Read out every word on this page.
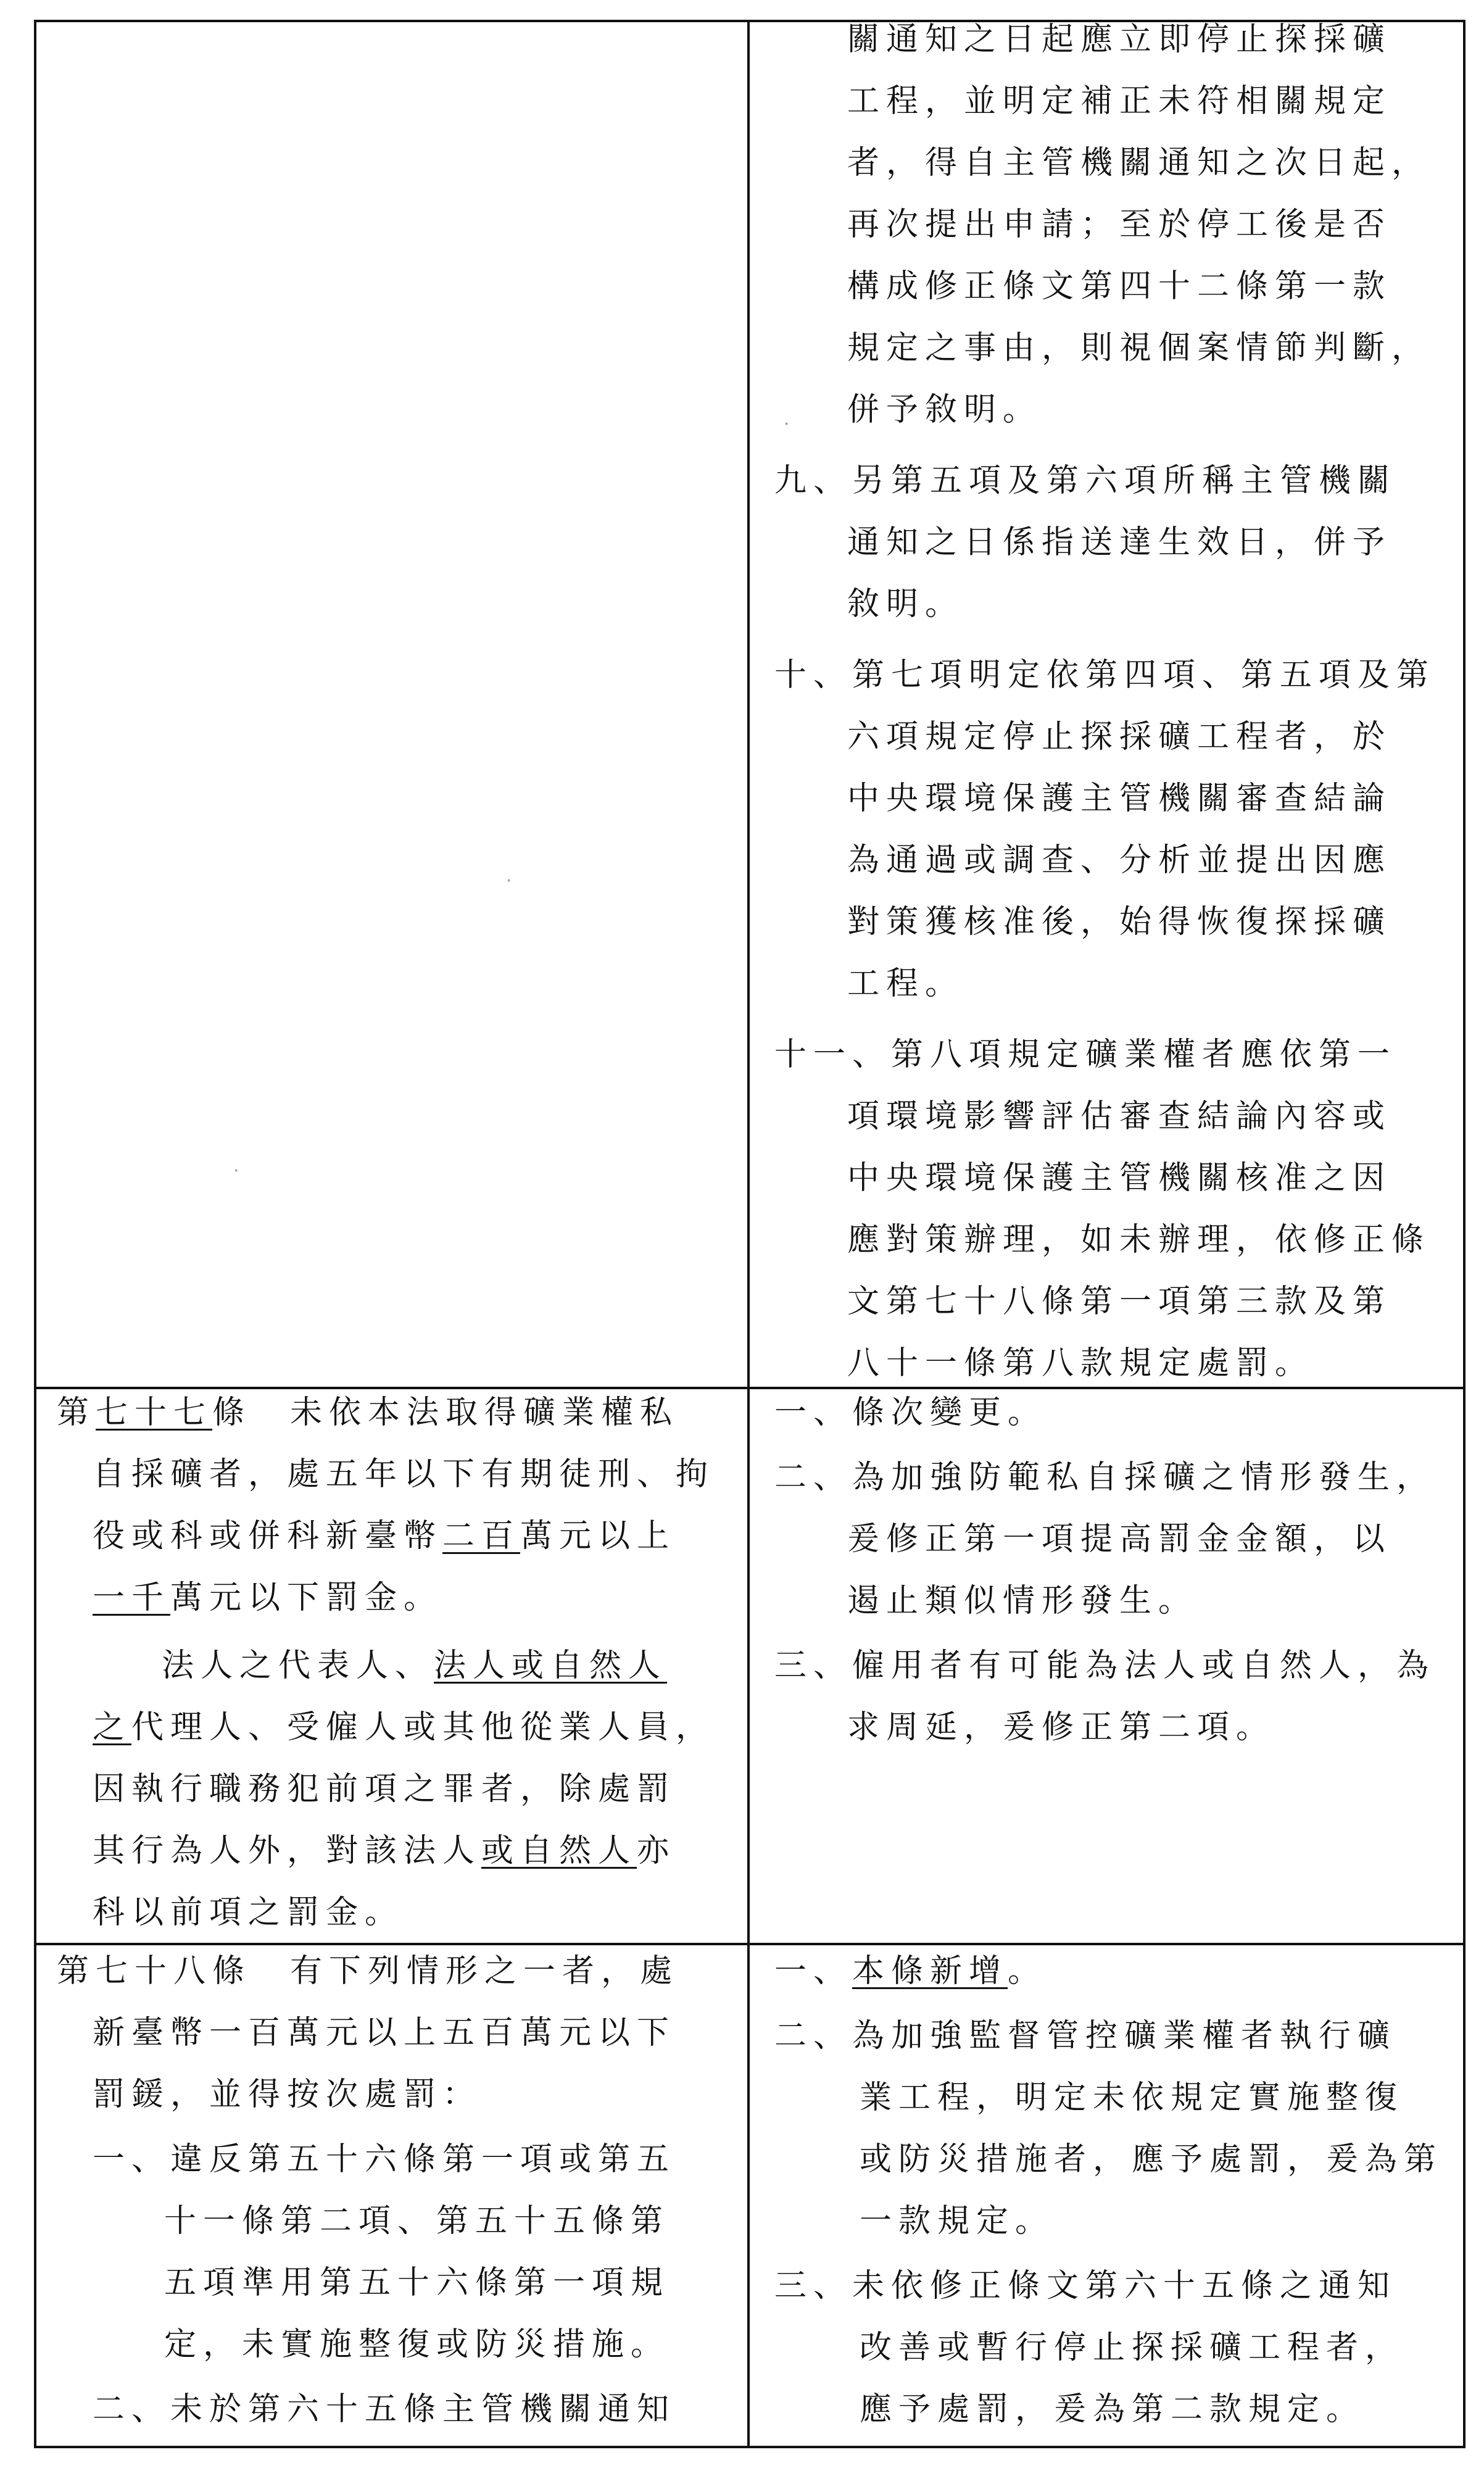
關通知之日起應立即停止探採礦
工程，並明定補正未符相關規定
者，得自主管機關通知之次日起，
再次提出申請；至於停工後是否
構成修正條文第四十二條第一款
規定之事由，則視個案情節判斷，
併予敘明。
九、另第五項及第六項所稱主管機關
通知之日係指送達生效日，併予
敘明。
十、第七項明定依第四項、第五項及第
六項規定停止探採礦工程者，於
中央環境保護主管機關審查結論
為通過或調查、分析並提出因應
對策獲核准後，始得恢復探採礦
工程。
十一、第八項規定礦業權者應依第一
項環境影響評估審查結論內容或
中央環境保護主管機關核准之因
應對策辦理，如未辦理，依修正條
文第七十八條第一項第三款及第
八十一條第八款規定處罰。
第七十七條　未依本法取得礦業權私
自採礦者，處五年以下有期徒刑、拘
役或科或併科新臺幣二百萬元以上
一千萬元以下罰金。
法人之代表人、法人或自然人
之代理人、受僱人或其他從業人員，
因執行職務犯前項之罪者，除處罰
其行為人外，對該法人或自然人亦
科以前項之罰金。
一、條次變更。
二、為加強防範私自採礦之情形發生，
爰修正第一項提高罰金金額，以
遏止類似情形發生。
三、僱用者有可能為法人或自然人，為
求周延，爰修正第二項。
第七十八條　有下列情形之一者，處
新臺幣一百萬元以上五百萬元以下
罰鍰，並得按次處罰：
一、違反第五十六條第一項或第五
十一條第二項、第五十五條第
五項準用第五十六條第一項規
定，未實施整復或防災措施。
二、未於第六十五條主管機關通知
一、本條新增。
二、為加強監督管控礦業權者執行礦
業工程，明定未依規定實施整復
或防災措施者，應予處罰，爰為第
一款規定。
三、未依修正條文第六十五條之通知
改善或暫行停止探採礦工程者，
應予處罰，爰為第二款規定。
·
·
·
